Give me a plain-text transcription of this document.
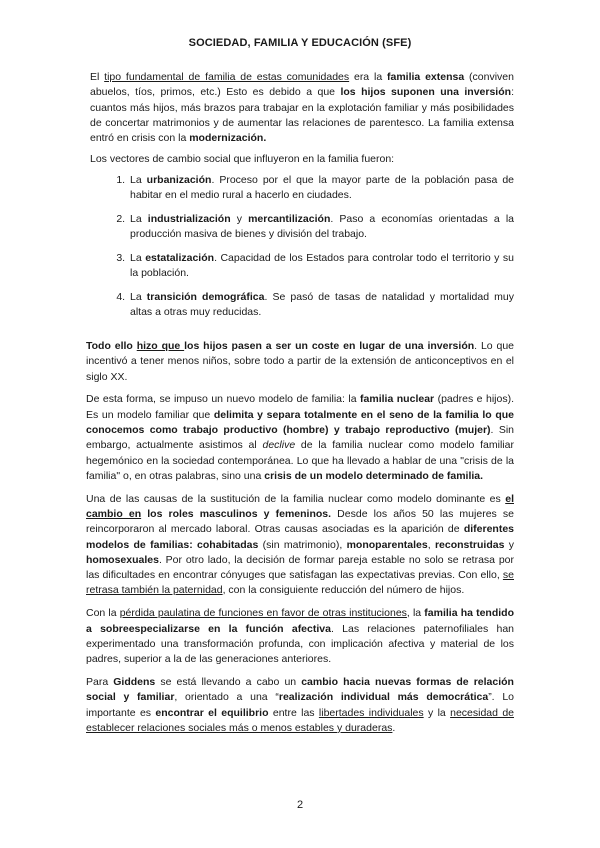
SOCIEDAD, FAMILIA Y EDUCACIÓN (SFE)

El tipo fundamental de familia de estas comunidades era la familia extensa (conviven abuelos, tíos, primos, etc.) Esto es debido a que los hijos suponen una inversión: cuantos más hijos, más brazos para trabajar en la explotación familiar y más posibilidades de concertar matrimonios y de aumentar las relaciones de parentesco. La familia extensa entró en crisis con la modernización.

Los vectores de cambio social que influyeron en la familia fueron:

1. La urbanización. Proceso por el que la mayor parte de la población pasa de habitar en el medio rural a hacerlo en ciudades.
2. La industrialización y mercantilización. Paso a economías orientadas a la producción masiva de bienes y división del trabajo.
3. La estatalización. Capacidad de los Estados para controlar todo el territorio y su la población.
4. La transición demográfica. Se pasó de tasas de natalidad y mortalidad muy altas a otras muy reducidas.

Todo ello hizo que los hijos pasen a ser un coste en lugar de una inversión. Lo que incentivó a tener menos niños, sobre todo a partir de la extensión de anticonceptivos en el siglo XX.

De esta forma, se impuso un nuevo modelo de familia: la familia nuclear (padres e hijos). Es un modelo familiar que delimita y separa totalmente en el seno de la familia lo que conocemos como trabajo productivo (hombre) y trabajo reproductivo (mujer). Sin embargo, actualmente asistimos al declive de la familia nuclear como modelo familiar hegemónico en la sociedad contemporánea. Lo que ha llevado a hablar de una "crisis de la familia" o, en otras palabras, sino una crisis de un modelo determinado de familia.

Una de las causas de la sustitución de la familia nuclear como modelo dominante es el cambio en los roles masculinos y femeninos. Desde los años 50 las mujeres se reincorporaron al mercado laboral. Otras causas asociadas es la aparición de diferentes modelos de familias: cohabitadas (sin matrimonio), monoparentales, reconstruidas y homosexuales. Por otro lado, la decisión de formar pareja estable no solo se retrasa por las dificultades en encontrar cónyuges que satisfagan las expectativas previas. Con ello, se retrasa también la paternidad, con la consiguiente reducción del número de hijos.

Con la pérdida paulatina de funciones en favor de otras instituciones, la familia ha tendido a sobreespecializarse en la función afectiva. Las relaciones paternofiliales han experimentado una transformación profunda, con implicación afectiva y material de los padres, superior a la de las generaciones anteriores.

Para Giddens se está llevando a cabo un cambio hacia nuevas formas de relación social y familiar, orientado a una “realización individual más democrática”. Lo importante es encontrar el equilibrio entre las libertades individuales y la necesidad de establecer relaciones sociales más o menos estables y duraderas.

2
